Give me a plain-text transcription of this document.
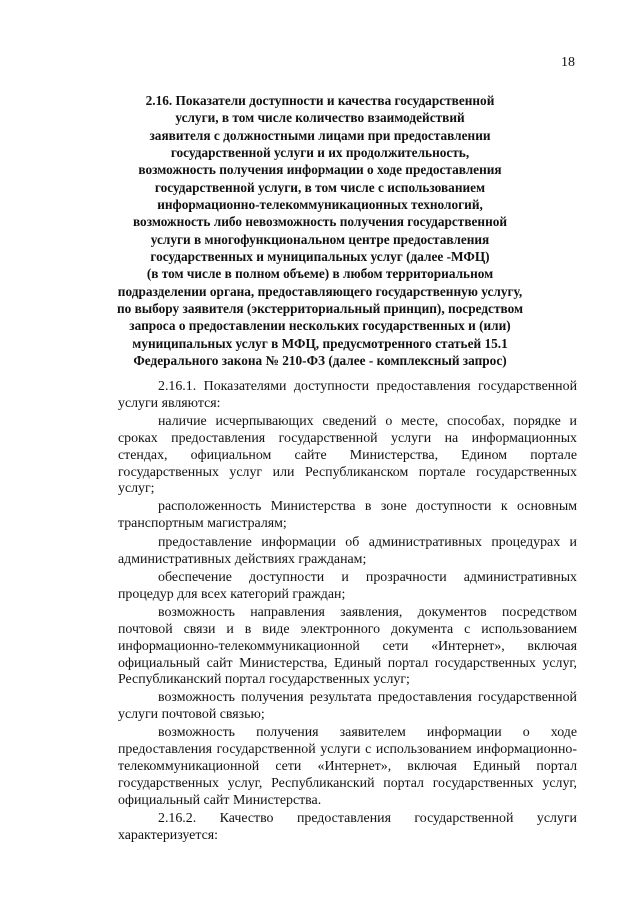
18
2.16. Показатели доступности и качества государственной
услуги, в том числе количество взаимодействий
заявителя с должностными лицами при предоставлении
государственной услуги и их продолжительность,
возможность получения информации о ходе предоставления
государственной услуги, в том числе с использованием
информационно-телекоммуникационных технологий,
возможность либо невозможность получения государственной
услуги в многофункциональном центре предоставления
государственных и муниципальных услуг (далее -МФЦ)
(в том числе в полном объеме) в любом территориальном
подразделении органа, предоставляющего государственную услугу,
по выбору заявителя (экстерриториальный принцип), посредством
запроса о предоставлении нескольких государственных и (или)
муниципальных услуг в МФЦ, предусмотренного статьей 15.1
Федерального закона № 210-ФЗ (далее - комплексный запрос)

2.16.1. Показателями доступности предоставления государственной услуги являются:

наличие исчерпывающих сведений о месте, способах, порядке и сроках предоставления государственной услуги на информационных стендах, официальном сайте Министерства, Едином портале государственных услуг или Республиканском портале государственных услуг;

расположенность Министерства в зоне доступности к основным транспортным магистралям;

предоставление информации об административных процедурах и административных действиях гражданам;

обеспечение доступности и прозрачности административных процедур для всех категорий граждан;

возможность направления заявления, документов посредством почтовой связи и в виде электронного документа с использованием информационно-телекоммуникационной сети «Интернет», включая официальный сайт Министерства, Единый портал государственных услуг, Республиканский портал государственных услуг;

возможность получения результата предоставления государственной услуги почтовой связью;

возможность получения заявителем информации о ходе предоставления государственной услуги с использованием информационно-телекоммуникационной сети «Интернет», включая Единый портал государственных услуг, Республиканский портал государственных услуг, официальный сайт Министерства.

2.16.2. Качество предоставления государственной услуги характеризуется:
